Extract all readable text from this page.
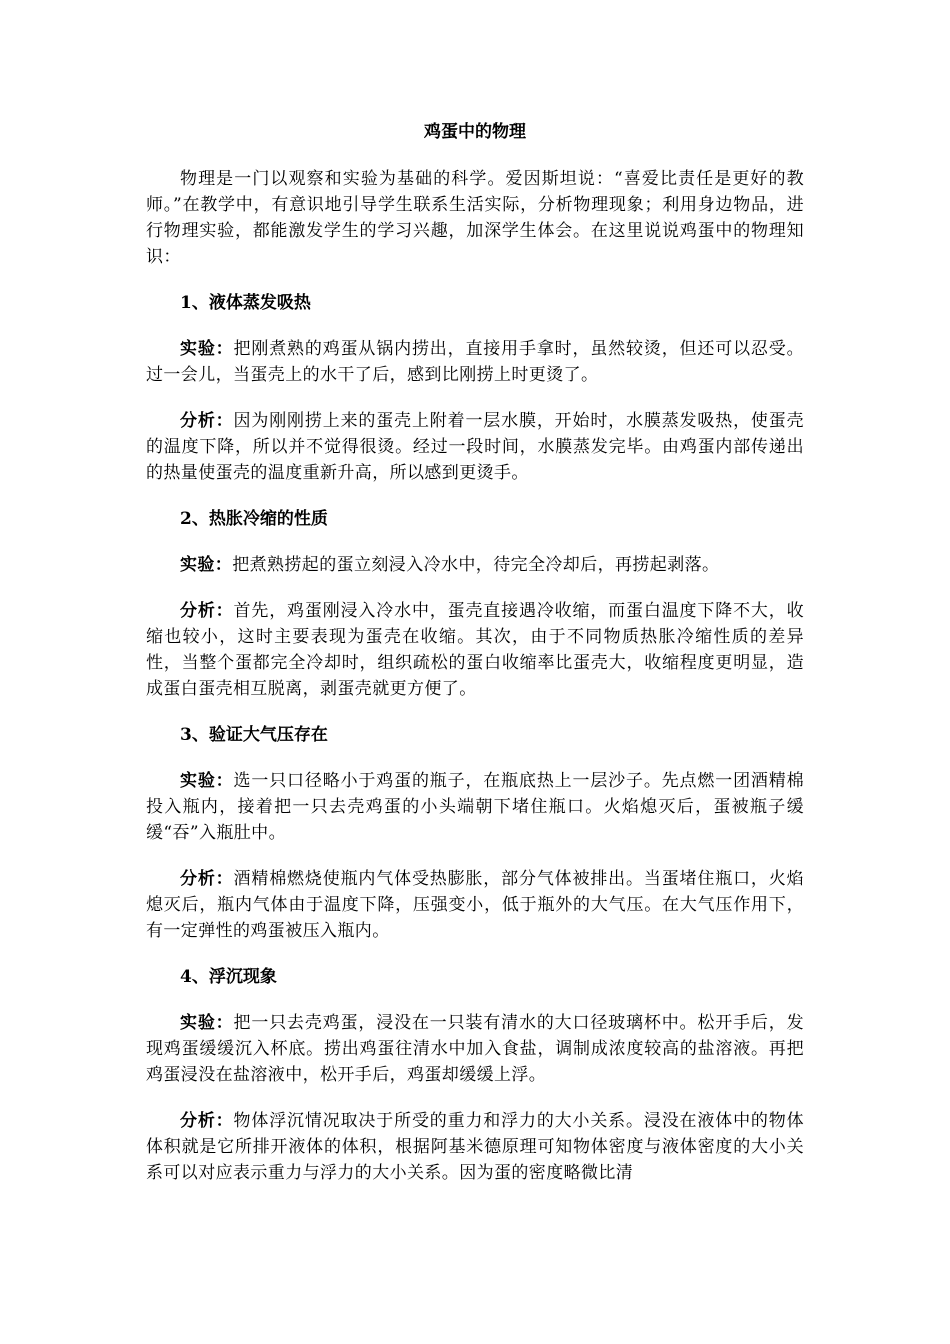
鸡蛋中的物理
物理是一门以观察和实验为基础的科学。爱因斯坦说：“喜爱比责任是更好的教师。”在教学中，有意识地引导学生联系生活实际，分析物理现象；利用身边物品，进行物理实验，都能激发学生的学习兴趣，加深学生体会。在这里说说鸡蛋中的物理知识：
1、液体蒸发吸热
实验：把刚煮熟的鸡蛋从锅内捞出，直接用手拿时，虽然较烫，但还可以忍受。过一会儿，当蛋壳上的水干了后，感到比刚捞上时更烫了。
分析：因为刚刚捞上来的蛋壳上附着一层水膜，开始时，水膜蒸发吸热，使蛋壳的温度下降，所以并不觉得很烫。经过一段时间，水膜蒸发完毕。由鸡蛋内部传递出的热量使蛋壳的温度重新升高，所以感到更烫手。
2、热胀冷缩的性质
实验：把煮熟捞起的蛋立刻浸入冷水中，待完全冷却后，再捞起剥落。
分析：首先，鸡蛋刚浸入冷水中，蛋壳直接遇冷收缩，而蛋白温度下降不大，收缩也较小，这时主要表现为蛋壳在收缩。其次，由于不同物质热胀冷缩性质的差异性，当整个蛋都完全冷却时，组织疏松的蛋白收缩率比蛋壳大，收缩程度更明显，造成蛋白蛋壳相互脱离，剥蛋壳就更方便了。
3、验证大气压存在
实验：选一只口径略小于鸡蛋的瓶子，在瓶底热上一层沙子。先点燃一团酒精棉投入瓶内，接着把一只去壳鸡蛋的小头端朝下堵住瓶口。火焰熄灭后，蛋被瓶子缓缓“吞”入瓶肚中。
分析：酒精棉燃烧使瓶内气体受热膨胀，部分气体被排出。当蛋堵住瓶口，火焰熄灭后，瓶内气体由于温度下降，压强变小，低于瓶外的大气压。在大气压作用下，有一定弹性的鸡蛋被压入瓶内。
4、浮沉现象
实验：把一只去壳鸡蛋，浸没在一只装有清水的大口径玻璃杯中。松开手后，发现鸡蛋缓缓沉入杯底。捞出鸡蛋往清水中加入食盐，调制成浓度较高的盐溶液。再把鸡蛋浸没在盐溶液中，松开手后，鸡蛋却缓缓上浮。
分析：物体浮沉情况取决于所受的重力和浮力的大小关系。浸没在液体中的物体体积就是它所排开液体的体积，根据阿基米德原理可知物体密度与液体密度的大小关系可以对应表示重力与浮力的大小关系。因为蛋的密度略微比清
